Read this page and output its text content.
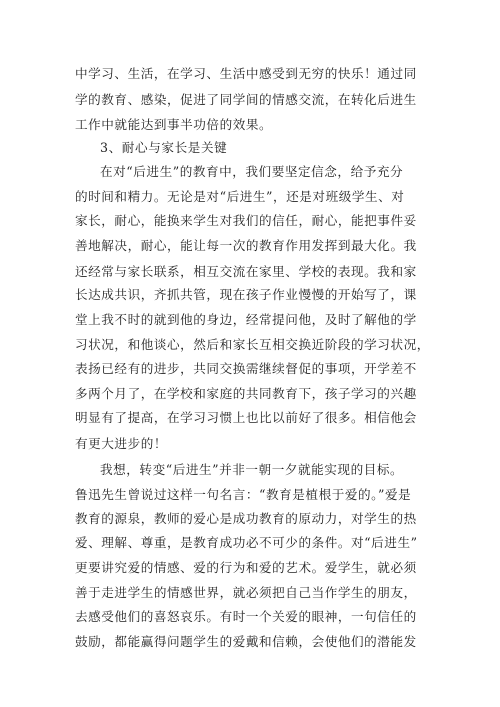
中学习、生活，在学习、生活中感受到无穷的快乐！通过同
学的教育、感染，促进了同学间的情感交流，在转化后进生
工作中就能达到事半功倍的效果。
3、耐心与家长是关键
在对“后进生”的教育中，我们要坚定信念，给予充分
的时间和精力。无论是对“后进生”，还是对班级学生、对
家长，耐心，能换来学生对我们的信任，耐心，能把事件妥
善地解决，耐心，能让每一次的教育作用发挥到最大化。我
还经常与家长联系，相互交流在家里、学校的表现。我和家
长达成共识，齐抓共管，现在孩子作业慢慢的开始写了，课
堂上我不时的就到他的身边，经常提问他，及时了解他的学
习状况，和他谈心，然后和家长互相交换近阶段的学习状况，
表扬已经有的进步，共同交换需继续督促的事项，开学差不
多两个月了，在学校和家庭的共同教育下，孩子学习的兴趣
明显有了提高，在学习习惯上也比以前好了很多。相信他会
有更大进步的！
我想，转变“后进生”并非一朝一夕就能实现的目标。
鲁迅先生曾说过这样一句名言：“教育是植根于爱的。”爱是
教育的源泉，教师的爱心是成功教育的原动力，对学生的热
爱、理解、尊重，是教育成功必不可少的条件。对“后进生”
更要讲究爱的情感、爱的行为和爱的艺术。爱学生，就必须
善于走进学生的情感世界，就必须把自己当作学生的朋友，
去感受他们的喜怒哀乐。有时一个关爱的眼神，一句信任的
鼓励，都能赢得问题学生的爱戴和信赖，会使他们的潜能发
